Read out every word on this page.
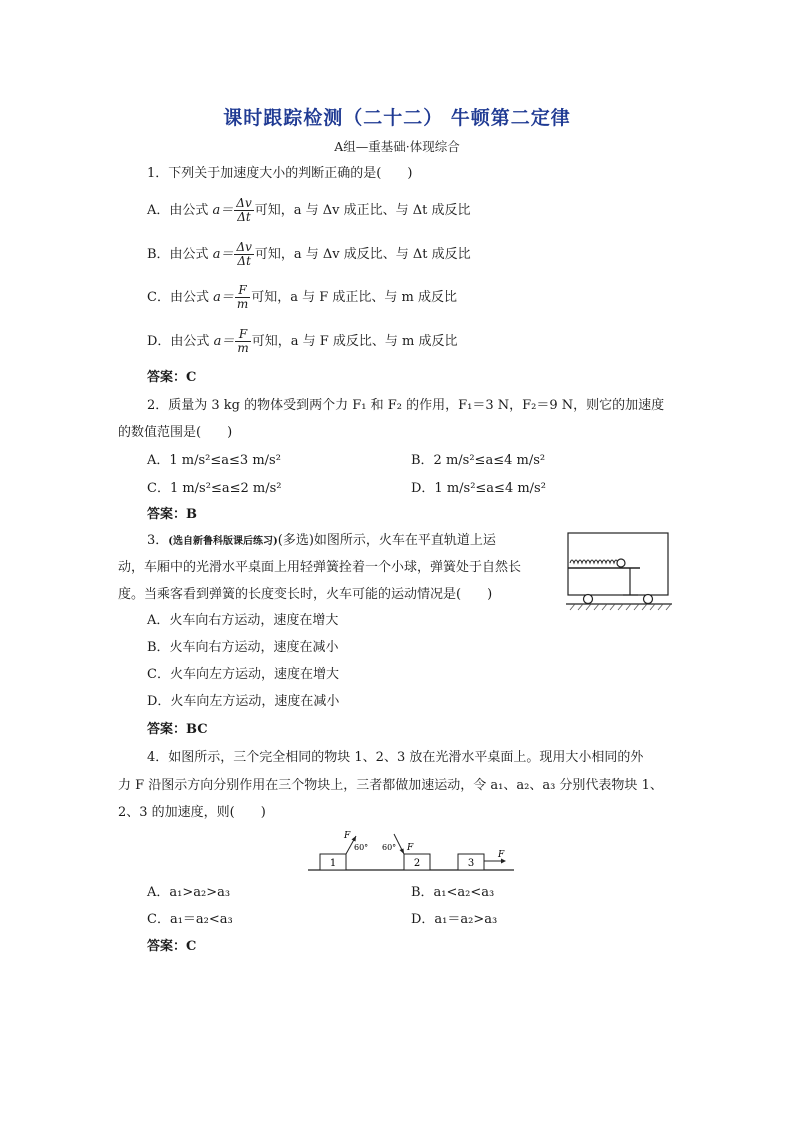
课时跟踪检测（二十二） 牛顿第二定律
A组—重基础·体现综合
1．下列关于加速度大小的判断正确的是(　　)
A．由公式 $a= \frac{\Delta v}{\Delta t}$ 可知，a 与 Δv 成正比、与 Δt 成反比
B．由公式 $a= \frac{\Delta v}{\Delta t}$ 可知，a 与 Δv 成反比、与 Δt 成反比
C．由公式 $a= \frac{F}{m}$ 可知，a 与 F 成正比、与 m 成反比
D．由公式 $a= \frac{F}{m}$ 可知，a 与 F 成反比、与 m 成反比
答案：C
2．质量为 3 kg 的物体受到两个力 F₁ 和 F₂ 的作用，F₁＝3 N，F₂＝9 N，则它的加速度
的数值范围是(　　)
A．1 m/s²≤a≤3 m/s²	B．2 m/s²≤a≤4 m/s²
C．1 m/s²≤a≤2 m/s²	D．1 m/s²≤a≤4 m/s²
答案：B
3．(选自新鲁科版课后练习)(多选)如图所示，火车在平直轨道上运
动，车厢中的光滑水平桌面上用轻弹簧拴着一个小球，弹簧处于自然长
度。当乘客看到弹簧的长度变长时，火车可能的运动情况是(　　)
A．火车向右方运动，速度在增大
B．火车向右方运动，速度在减小
C．火车向左方运动，速度在增大
D．火车向左方运动，速度在减小
答案：BC
4．如图所示，三个完全相同的物块 1、2、3 放在光滑水平桌面上。现用大小相同的外
力 F 沿图示方向分别作用在三个物块上，三者都做加速运动，令 a₁、a₂、a₃ 分别代表物块 1、
2、3 的加速度，则(　　)
1
F
60°
2
F
60°
3
F
A．a₁>a₂>a₃	B．a₁<a₂<a₃
C．a₁＝a₂<a₃	D．a₁＝a₂>a₃
答案：C
